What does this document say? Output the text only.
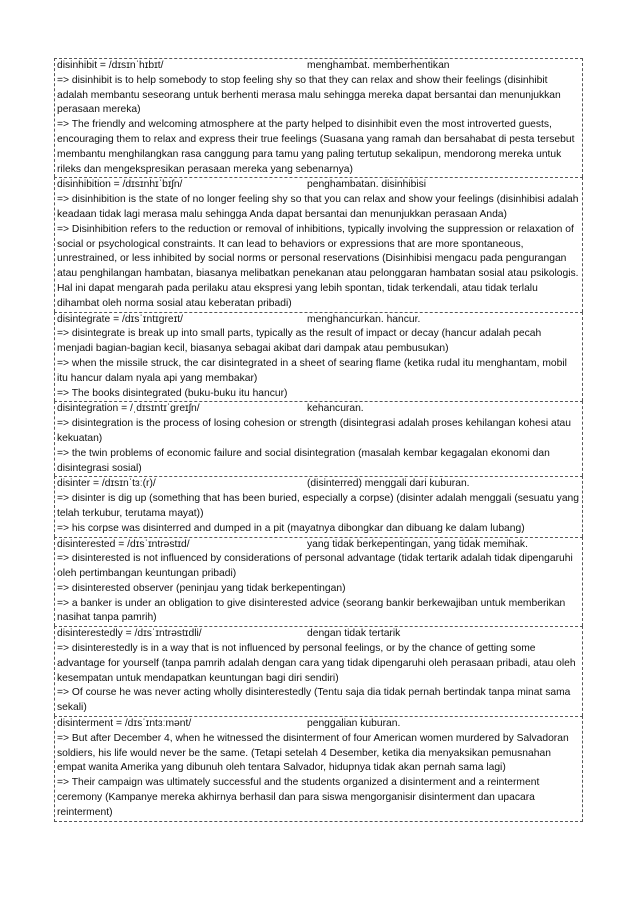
disinhibit = /dɪsɪnˈhɪbɪt/	menghambat. memberhentikan
=> disinhibit is to help somebody to stop feeling shy so that they can relax and show their feelings (disinhibit adalah membantu seseorang untuk berhenti merasa malu sehingga mereka dapat bersantai dan menunjukkan perasaan mereka)
=> The friendly and welcoming atmosphere at the party helped to disinhibit even the most introverted guests, encouraging them to relax and express their true feelings (Suasana yang ramah dan bersahabat di pesta tersebut membantu menghilangkan rasa canggung para tamu yang paling tertutup sekalipun, mendorong mereka untuk rileks dan mengekspresikan perasaan mereka yang sebenarnya)
disinhibition = /dɪsɪnhɪˈbɪʃn/	penghambatan. disinhibisi
=> disinhibition is the state of no longer feeling shy so that you can relax and show your feelings (disinhibisi adalah keadaan tidak lagi merasa malu sehingga Anda dapat bersantai dan menunjukkan perasaan Anda)
=> Disinhibition refers to the reduction or removal of inhibitions, typically involving the suppression or relaxation of social or psychological constraints. It can lead to behaviors or expressions that are more spontaneous, unrestrained, or less inhibited by social norms or personal reservations (Disinhibisi mengacu pada pengurangan atau penghilangan hambatan, biasanya melibatkan penekanan atau pelonggaran hambatan sosial atau psikologis. Hal ini dapat mengarah pada perilaku atau ekspresi yang lebih spontan, tidak terkendali, atau tidak terlalu dihambat oleh norma sosial atau keberatan pribadi)
disintegrate = /dɪsˈɪntɪɡreɪt/	menghancurkan. hancur.
=> disintegrate is break up into small parts, typically as the result of impact or decay (hancur adalah pecah menjadi bagian-bagian kecil, biasanya sebagai akibat dari dampak atau pembusukan)
=> when the missile struck, the car disintegrated in a sheet of searing flame (ketika rudal itu menghantam, mobil itu hancur dalam nyala api yang membakar)
=> The books disintegrated (buku-buku itu hancur)
disintegration = /ˌdɪsɪntɪˈɡreɪʃn/	kehancuran.
=> disintegration is the process of losing cohesion or strength (disintegrasi adalah proses kehilangan kohesi atau kekuatan)
=> the twin problems of economic failure and social disintegration (masalah kembar kegagalan ekonomi dan disintegrasi sosial)
disinter = /dɪsɪnˈtɜː(r)/	(disinterred) menggali dari kuburan.
=> disinter is dig up (something that has been buried, especially a corpse) (disinter adalah menggali (sesuatu yang telah terkubur, terutama mayat))
=> his corpse was disinterred and dumped in a pit (mayatnya dibongkar dan dibuang ke dalam lubang)
disinterested = /dɪsˈɪntrəstɪd/	yang tidak berkepentingan, yang tidak memihak.
=> disinterested is not influenced by considerations of personal advantage (tidak tertarik adalah tidak dipengaruhi oleh pertimbangan keuntungan pribadi)
=> disinterested observer (peninjau yang tidak berkepentingan)
=> a banker is under an obligation to give disinterested advice (seorang bankir berkewajiban untuk memberikan nasihat tanpa pamrih)
disinterestedly = /dɪsˈɪntrəstɪdli/	dengan tidak tertarik
=> disinterestedly is in a way that is not influenced by personal feelings, or by the chance of getting some advantage for yourself (tanpa pamrih adalah dengan cara yang tidak dipengaruhi oleh perasaan pribadi, atau oleh kesempatan untuk mendapatkan keuntungan bagi diri sendiri)
=> Of course he was never acting wholly disinterestedly (Tentu saja dia tidak pernah bertindak tanpa minat sama sekali)
disinterment = /dɪsˈɪntɜːmənt/	penggalian kuburan.
=> But after December 4, when he witnessed the disinterment of four American women murdered by Salvadoran soldiers, his life would never be the same. (Tetapi setelah 4 Desember, ketika dia menyaksikan pemusnahan empat wanita Amerika yang dibunuh oleh tentara Salvador, hidupnya tidak akan pernah sama lagi)
=> Their campaign was ultimately successful and the students organized a disinterment and a reinterment ceremony (Kampanye mereka akhirnya berhasil dan para siswa mengorganisir disinterment dan upacara reinterment)
